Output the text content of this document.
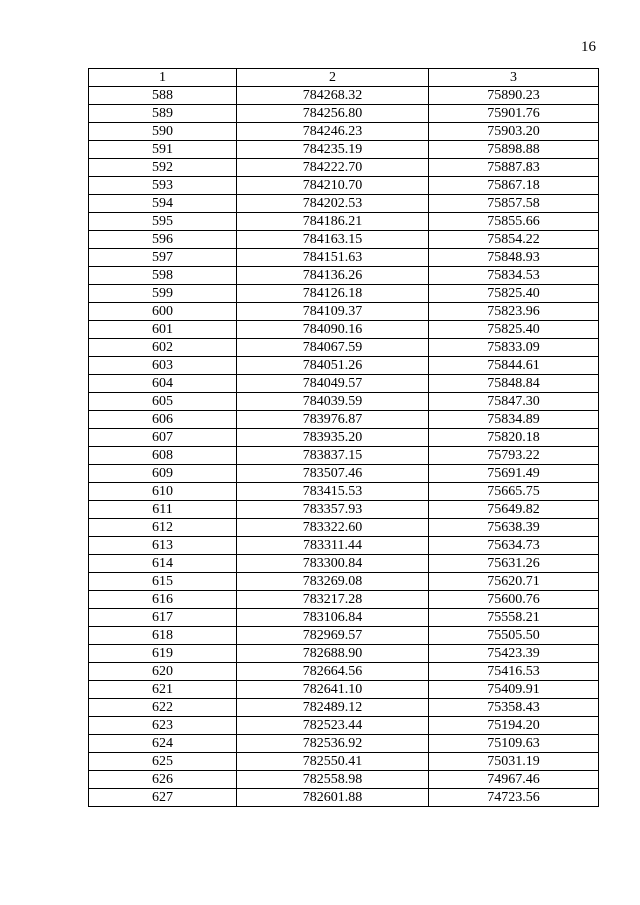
16
1	2	3
588	784268.32	75890.23
589	784256.80	75901.76
590	784246.23	75903.20
591	784235.19	75898.88
592	784222.70	75887.83
593	784210.70	75867.18
594	784202.53	75857.58
595	784186.21	75855.66
596	784163.15	75854.22
597	784151.63	75848.93
598	784136.26	75834.53
599	784126.18	75825.40
600	784109.37	75823.96
601	784090.16	75825.40
602	784067.59	75833.09
603	784051.26	75844.61
604	784049.57	75848.84
605	784039.59	75847.30
606	783976.87	75834.89
607	783935.20	75820.18
608	783837.15	75793.22
609	783507.46	75691.49
610	783415.53	75665.75
611	783357.93	75649.82
612	783322.60	75638.39
613	783311.44	75634.73
614	783300.84	75631.26
615	783269.08	75620.71
616	783217.28	75600.76
617	783106.84	75558.21
618	782969.57	75505.50
619	782688.90	75423.39
620	782664.56	75416.53
621	782641.10	75409.91
622	782489.12	75358.43
623	782523.44	75194.20
624	782536.92	75109.63
625	782550.41	75031.19
626	782558.98	74967.46
627	782601.88	74723.56
